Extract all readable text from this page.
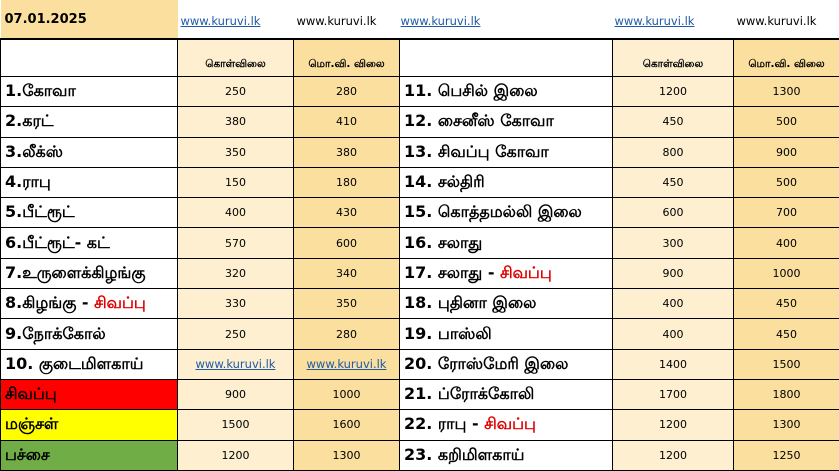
07.01.2025	www.kuruvi.lk	www.kuruvi.lk	www.kuruvi.lk	www.kuruvi.lk	www.kuruvi.lk
	கொள்விலை	மொ.வி. விலை		கொள்விலை	மொ.வி. விலை
1.கோவா	250	280	11. பெசில் இலை	1200	1300
2.கரட்	380	410	12. சைனீஸ் கோவா	450	500
3.லீக்ஸ்	350	380	13. சிவப்பு கோவா	800	900
4.ராபு	150	180	14. சல்திரி	450	500
5.பீட்ரூட்	400	430	15. கொத்தமல்லி இலை	600	700
6.பீட்ரூட்- கட்	570	600	16. சலாது	300	400
7.உருளைக்கிழங்கு	320	340	17. சலாது - சிவப்பு	900	1000
8.கிழங்கு - சிவப்பு	330	350	18. புதினா இலை	400	450
9.நோக்கோல்	250	280	19. பாஸ்லி	400	450
10. குடைமிளகாய்	www.kuruvi.lk	www.kuruvi.lk	20. ரோஸ்மேரி இலை	1400	1500
சிவப்பு	900	1000	21. ப்ரோக்கோலி	1700	1800
மஞ்சள்	1500	1600	22. ராபு - சிவப்பு	1200	1300
பச்சை	1200	1300	23. கறிமிளகாய்	1200	1250
